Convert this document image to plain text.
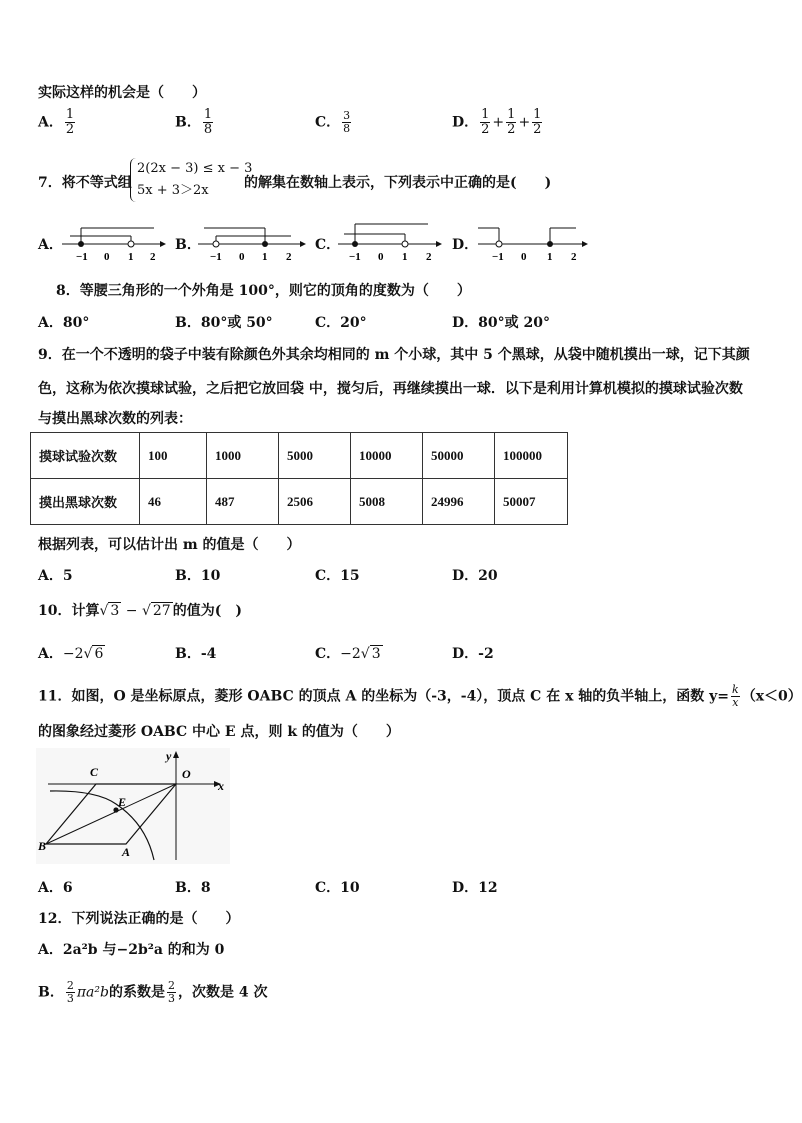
实际这样的机会是（　　）
A． $\frac{1}{2}$	B． $\frac{1}{8}$	C． $\frac{3}{8}$	D． $\frac{1}{2} + \frac{1}{2} + \frac{1}{2}$
7．将不等式组
2(2x − 3) ≤ x − 3
5x + 3＞2x	的解集在数轴上表示，下列表示中正确的是(　　)
A．	B．	C．	D．
−1 0 1 2	−1 0 1 2	−1 0 1 2	−1 0 1 2
8．等腰三角形的一个外角是 100°，则它的顶角的度数为（　　）
A．80°	B．80°或 50°	C．20°	D．80°或 20°
9．在一个不透明的袋子中装有除颜色外其余均相同的 m 个小球，其中 5 个黑球，从袋中随机摸出一球，记下其颜
色，这称为依次摸球试验，之后把它放回袋 中，搅匀后，再继续摸出一球．以下是利用计算机模拟的摸球试验次数
与摸出黑球次数的列表：
摸球试验次数	100	1000	5000	10000	50000	100000
摸出黑球次数	46	487	2506	5008	24996	50007
根据列表，可以估计出 m 的值是（　　）
A．5	B．10	C．15	D．20
10．计算√ 3 − √ 27 的值为(　)
A．−2√ 6	B．-4	C．−2√ 3	D．-2
11．如图，O 是坐标原点，菱形 OABC 的顶点 A 的坐标为（-3，-4），顶点 C 在 x 轴的负半轴上，函数 $y= \frac{k}{x} (x<0)$
的图象经过菱形 OABC 中心 E 点，则 k 的值为（　　）
C	O
y
x
E
B	A
A．6	B．8	C．10	D．12
12．下列说法正确的是（　　）
A．2a²b 与−2b²a 的和为 0
B． $\frac{2}{3} \pi a^2b$的系数是 $\frac{2}{3}$ ，次数是 4 次
